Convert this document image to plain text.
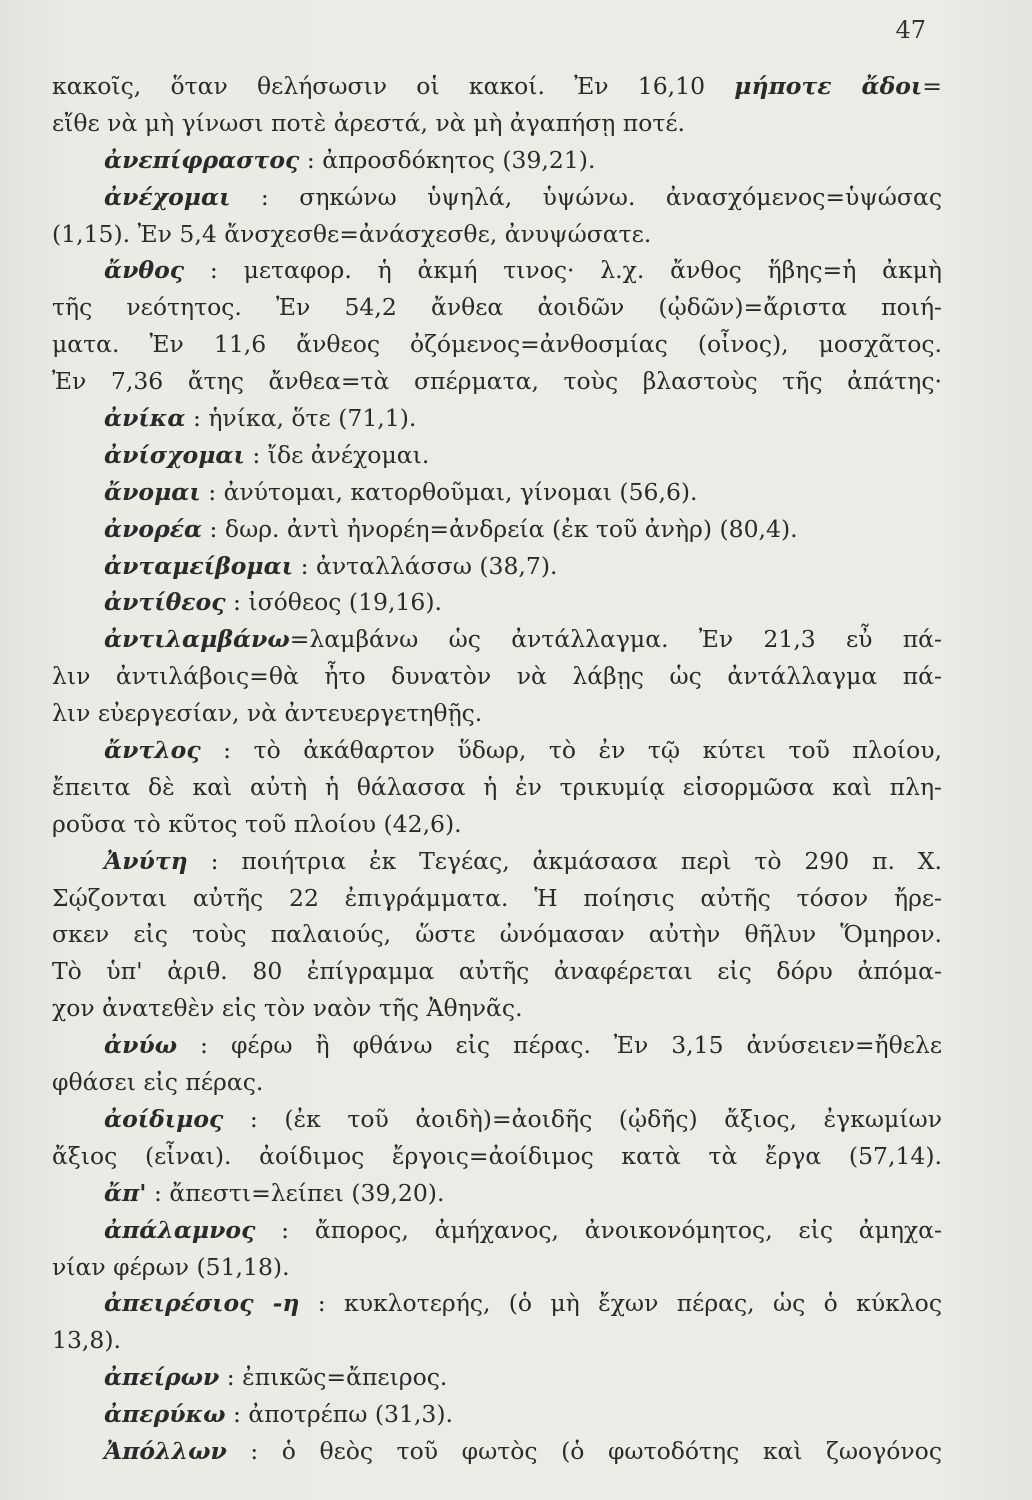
47
κακοῖς, ὅταν θελήσωσιν οἱ κακοί. Ἐν 16,10 μήποτε ἄδοι=
εἴθε νὰ μὴ γίνωσι ποτὲ ἀρεστά, νὰ μὴ ἀγαπήσῃ ποτέ.
ἀνεπίφραστος : ἀπροσδόκητος (39,21).
ἀνέχομαι : σηκώνω ὑψηλά, ὑψώνω. ἀνασχόμενος=ὑψώσας
(1,15). Ἐν 5,4 ἄνσχεσθε=ἀνάσχεσθε, ἀνυψώσατε.
ἄνθος : μεταφορ. ἡ ἀκμή τινος· λ.χ. ἄνθος ἥβης=ἡ ἀκμὴ
τῆς νεότητος. Ἐν 54,2 ἄνθεα ἀοιδῶν (ᾠδῶν)=ἄριστα ποιή-
ματα. Ἐν 11,6 ἄνθεος ὀζόμενος=ἀνθοσμίας (οἶνος), μοσχᾶτος.
Ἐν 7,36 ἄτης ἄνθεα=τὰ σπέρματα, τοὺς βλαστοὺς τῆς ἀπάτης·
ἀνίκα : ἡνίκα, ὅτε (71,1).
ἀνίσχομαι : ἴδε ἀνέχομαι.
ἄνομαι : ἀνύτομαι, κατορθοῦμαι, γίνομαι (56,6).
ἀνορέα : δωρ. ἀντὶ ἠνορέη=ἀνδρεία (ἐκ τοῦ ἀνὴρ) (80,4).
ἀνταμείβομαι : ἀνταλλάσσω (38,7).
ἀντίθεος : ἰσόθεος (19,16).
ἀντιλαμβάνω=λαμβάνω ὡς ἀντάλλαγμα. Ἐν 21,3 εὖ πά-
λιν ἀντιλάβοις=θὰ ἦτο δυνατὸν νὰ λάβῃς ὡς ἀντάλλαγμα πά-
λιν εὐεργεσίαν, νὰ ἀντευεργετηθῇς.
ἄντλος : τὸ ἀκάθαρτον ὕδωρ, τὸ ἐν τῷ κύτει τοῦ πλοίου,
ἔπειτα δὲ καὶ αὐτὴ ἡ θάλασσα ἡ ἐν τρικυμίᾳ εἰσορμῶσα καὶ πλη-
ροῦσα τὸ κῦτος τοῦ πλοίου (42,6).
Ἀνύτη : ποιήτρια ἐκ Τεγέας, ἀκμάσασα περὶ τὸ 290 π. Χ.
Σῴζονται αὐτῆς 22 ἐπιγράμματα. Ἡ ποίησις αὐτῆς τόσον ἤρε-
σκεν εἰς τοὺς παλαιούς, ὥστε ὠνόμασαν αὐτὴν θῆλυν Ὅμηρον.
Τὸ ὑπ' ἀριθ. 80 ἐπίγραμμα αὐτῆς ἀναφέρεται εἰς δόρυ ἀπόμα-
χον ἀνατεθὲν εἰς τὸν ναὸν τῆς Ἀθηνᾶς.
ἀνύω : φέρω ἢ φθάνω εἰς πέρας. Ἐν 3,15 ἀνύσειεν=ἤθελε
φθάσει εἰς πέρας.
ἀοίδιμος : (ἐκ τοῦ ἀοιδὴ)=ἀοιδῆς (ᾠδῆς) ἄξιος, ἐγκωμίων
ἄξιος (εἶναι). ἀοίδιμος ἔργοις=ἀοίδιμος κατὰ τὰ ἔργα (57,14).
ἄπ' : ἄπεστι=λείπει (39,20).
ἀπάλαμνος : ἄπορος, ἀμήχανος, ἀνοικονόμητος, εἰς ἀμηχα-
νίαν φέρων (51,18).
ἀπειρέσιος -η : κυκλοτερής, (ὁ μὴ ἔχων πέρας, ὡς ὁ κύκλος
13,8).
ἀπείρων : ἐπικῶς=ἄπειρος.
ἀπερύκω : ἀποτρέπω (31,3).
Ἀπόλλων : ὁ θεὸς τοῦ φωτὸς (ὁ φωτοδότης καὶ ζωογόνος
